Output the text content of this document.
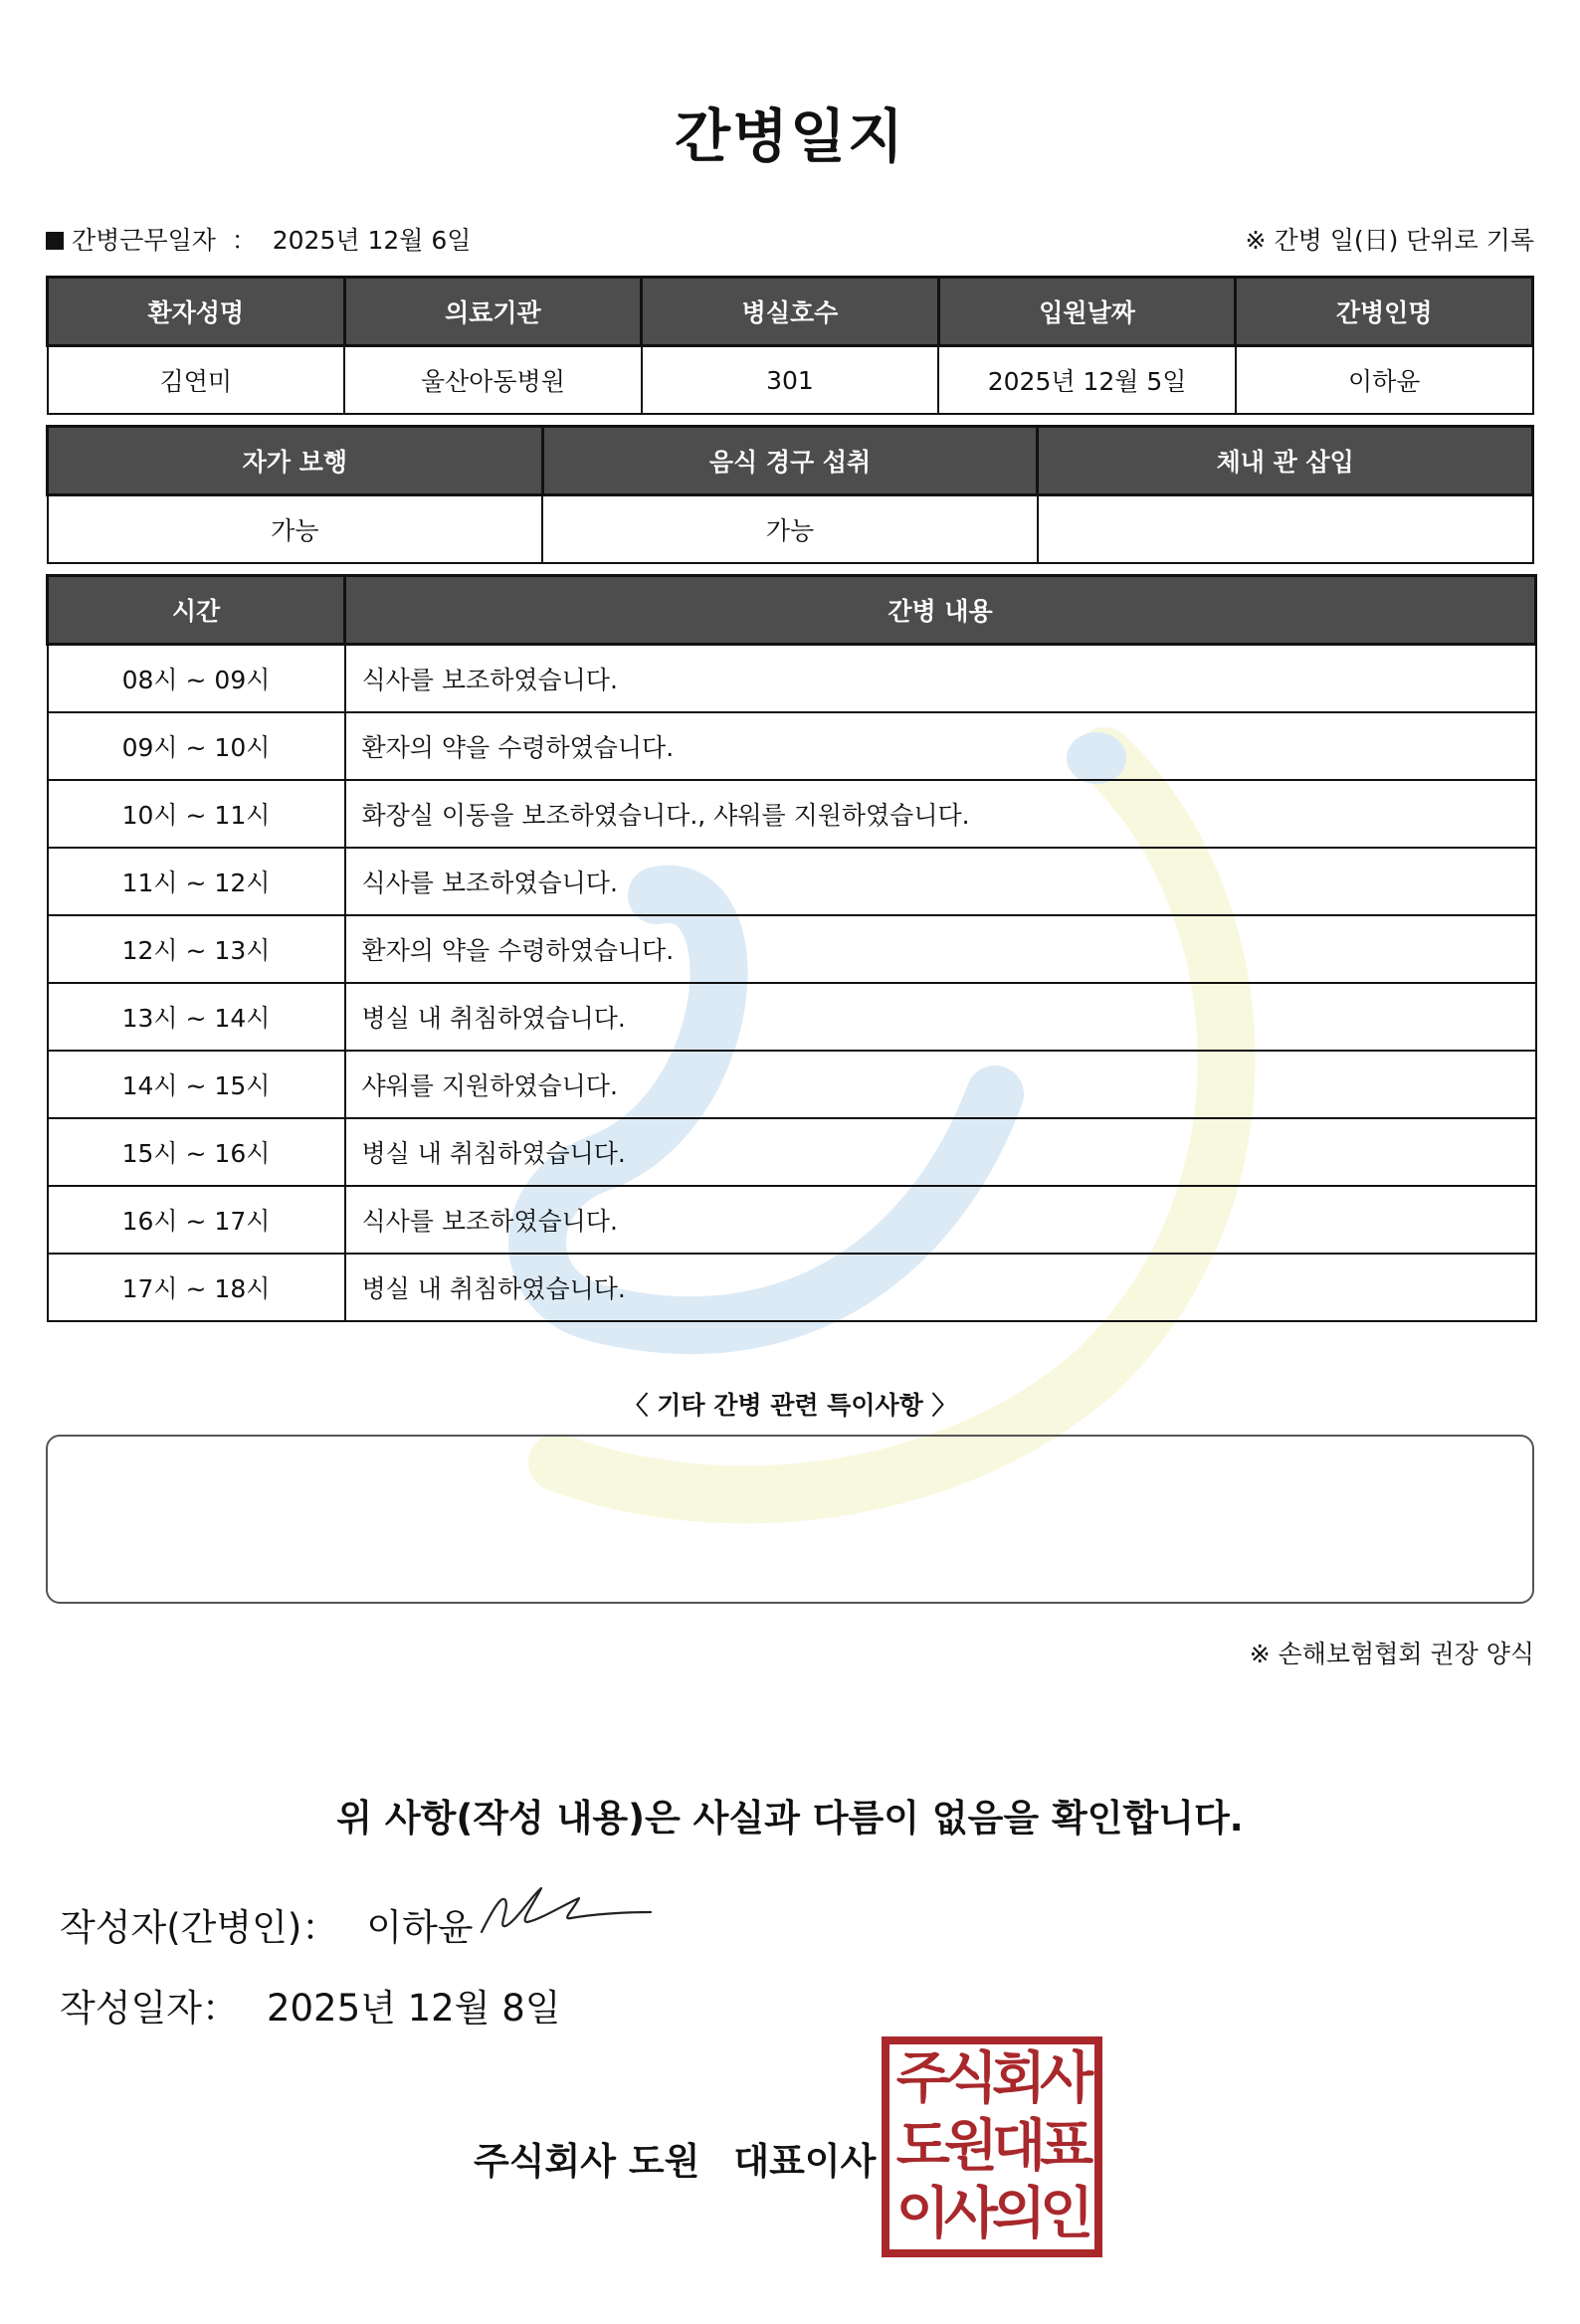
간병일지
간병근무일자 ： 2025년 12월 6일	※ 간병 일(日) 단위로 기록
환자성명	의료기관	병실호수	입원날짜	간병인명
김연미	울산아동병원	301	2025년 12월 5일	이하윤
자가 보행	음식 경구 섭취	체내 관 삽입
가능	가능	
시간	간병 내용
08시 ~ 09시	식사를 보조하였습니다.
09시 ~ 10시	환자의 약을 수령하였습니다.
10시 ~ 11시	화장실 이동을 보조하였습니다., 샤워를 지원하였습니다.
11시 ~ 12시	식사를 보조하였습니다.
12시 ~ 13시	환자의 약을 수령하였습니다.
13시 ~ 14시	병실 내 취침하였습니다.
14시 ~ 15시	샤워를 지원하였습니다.
15시 ~ 16시	병실 내 취침하였습니다.
16시 ~ 17시	식사를 보조하였습니다.
17시 ~ 18시	병실 내 취침하였습니다.
〈 기타 간병 관련 특이사항 〉
※ 손해보험협회 권장 양식
위 사항(작성 내용)은 사실과 다름이 없음을 확인합니다.
작성자(간병인)： 이하윤
작성일자： 2025년 12월 8일
주식회사 도원 대표이사
주식회사
도원대표
이사의인
